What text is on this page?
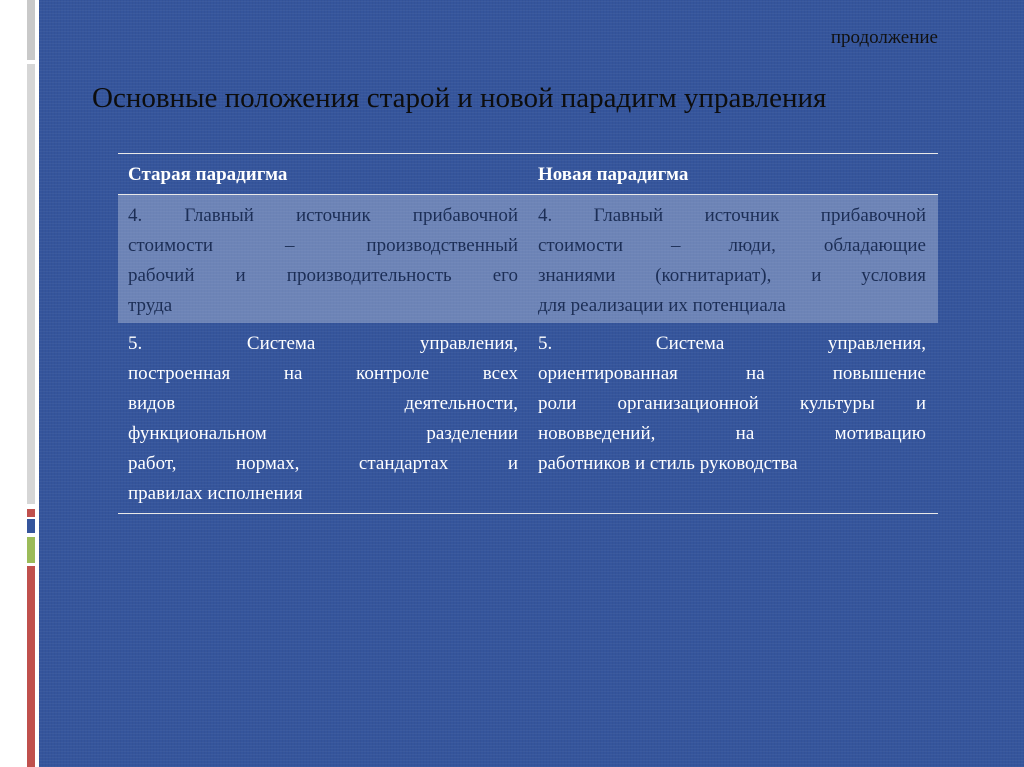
продолжение
Основные положения старой и новой парадигм управления
Старая парадигма	Новая парадигма
4. Главный источник прибавочной
стоимости – производственный
рабочий и производительность его
труда
4. Главный источник прибавочной
стоимости – люди, обладающие
знаниями (когнитариат), и условия
для реализации их потенциала
5. Система управления,
построенная на контроле всех
видов деятельности,
функциональном разделении
работ, нормах, стандартах и
правилах исполнения
5. Система управления,
ориентированная на повышение
роли организационной культуры и
нововведений, на мотивацию
работников и стиль руководства
